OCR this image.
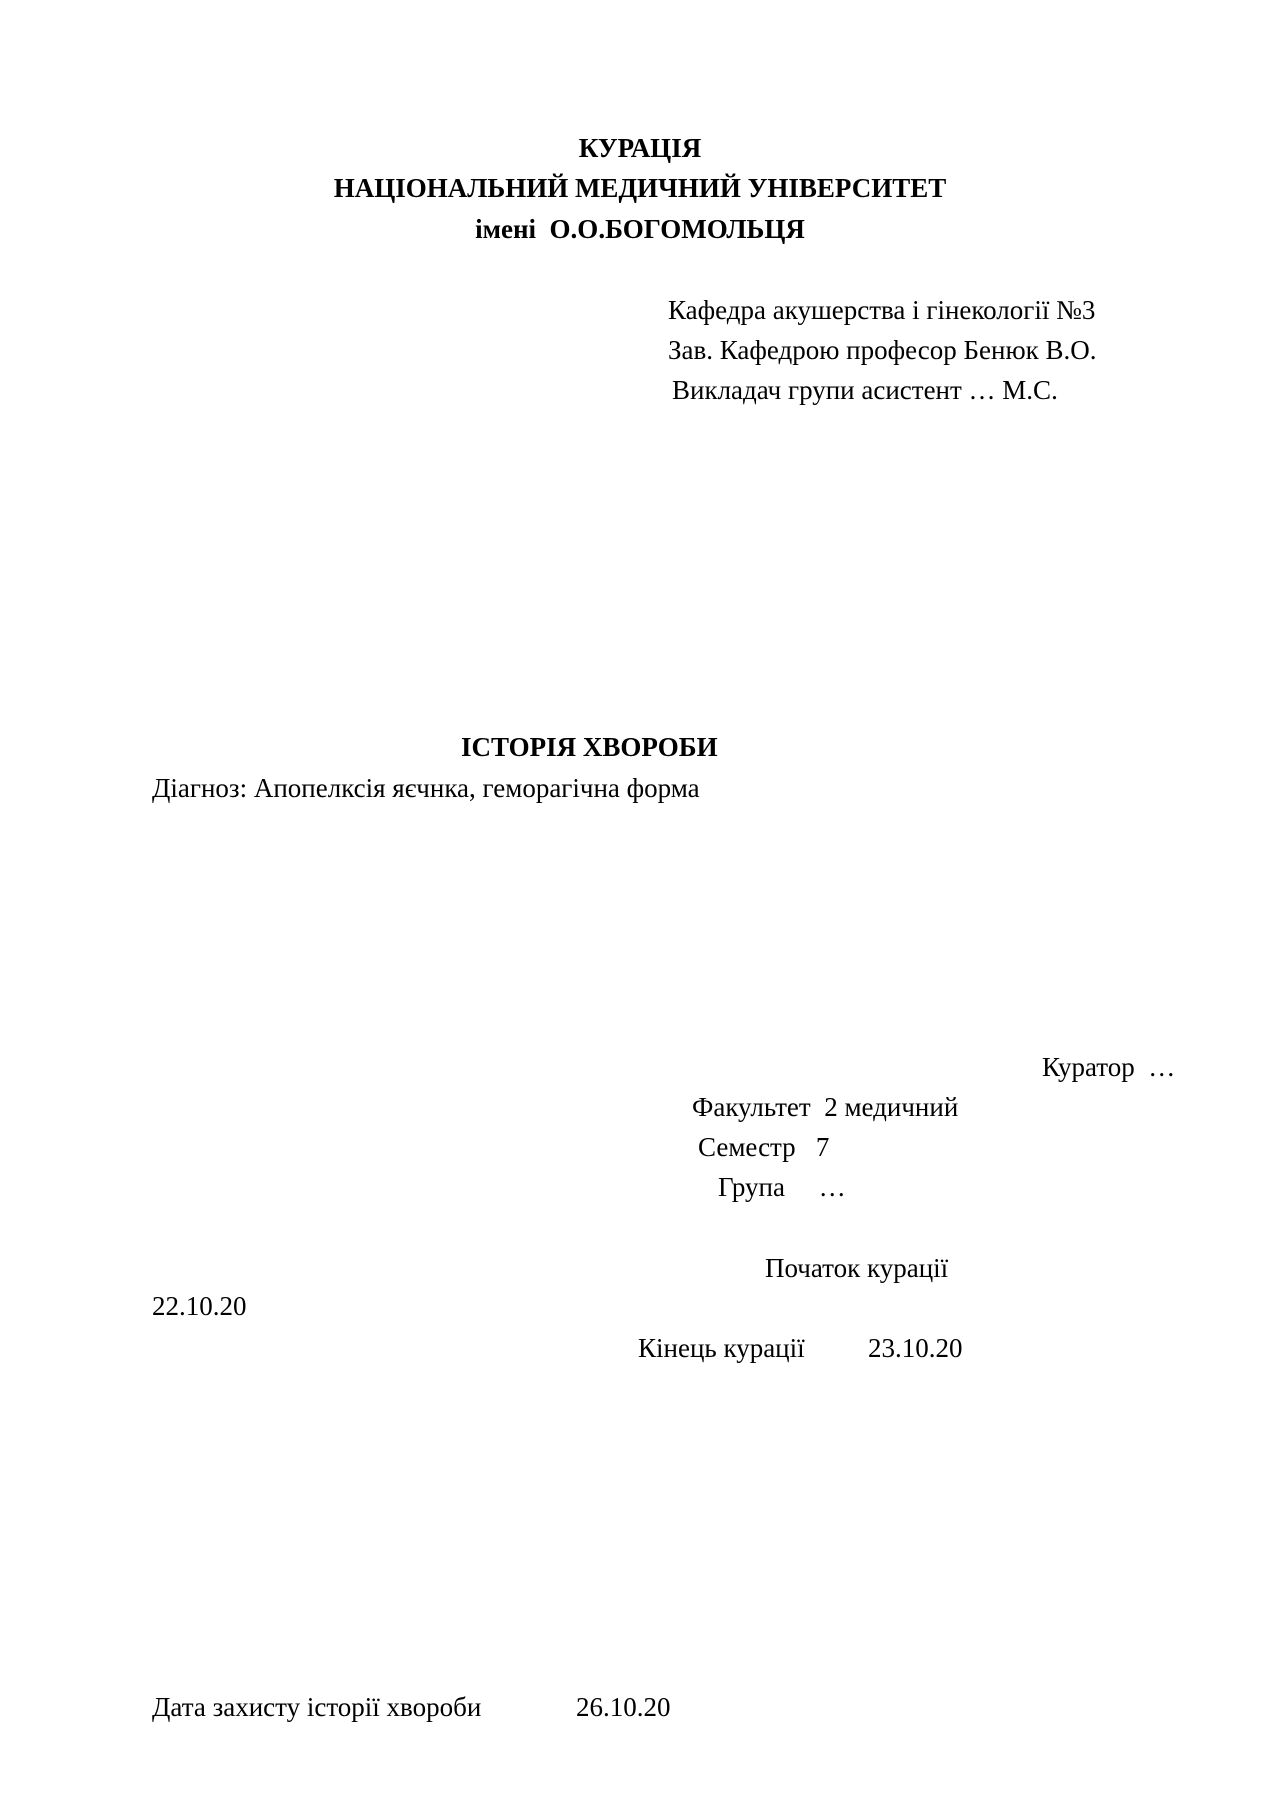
КУРАЦІЯ
НАЦІОНАЛЬНИЙ МЕДИЧНИЙ УНІВЕРСИТЕТ
імені  О.О.БОГОМОЛЬЦЯ
Кафедра акушерства і гінекології №3
Зав. Кафедрою професор Бенюк В.О.
Викладач групи асистент … М.С.
ІСТОРІЯ ХВОРОБИ
Діагноз: Апопелксія яєчнка, геморагічна форма
Куратор  …
Факультет  2 медичний
Семестр   7
Група     …
Початок курації
22.10.20
Кінець курації 23.10.20
Дата захисту історії хвороби	26.10.20
